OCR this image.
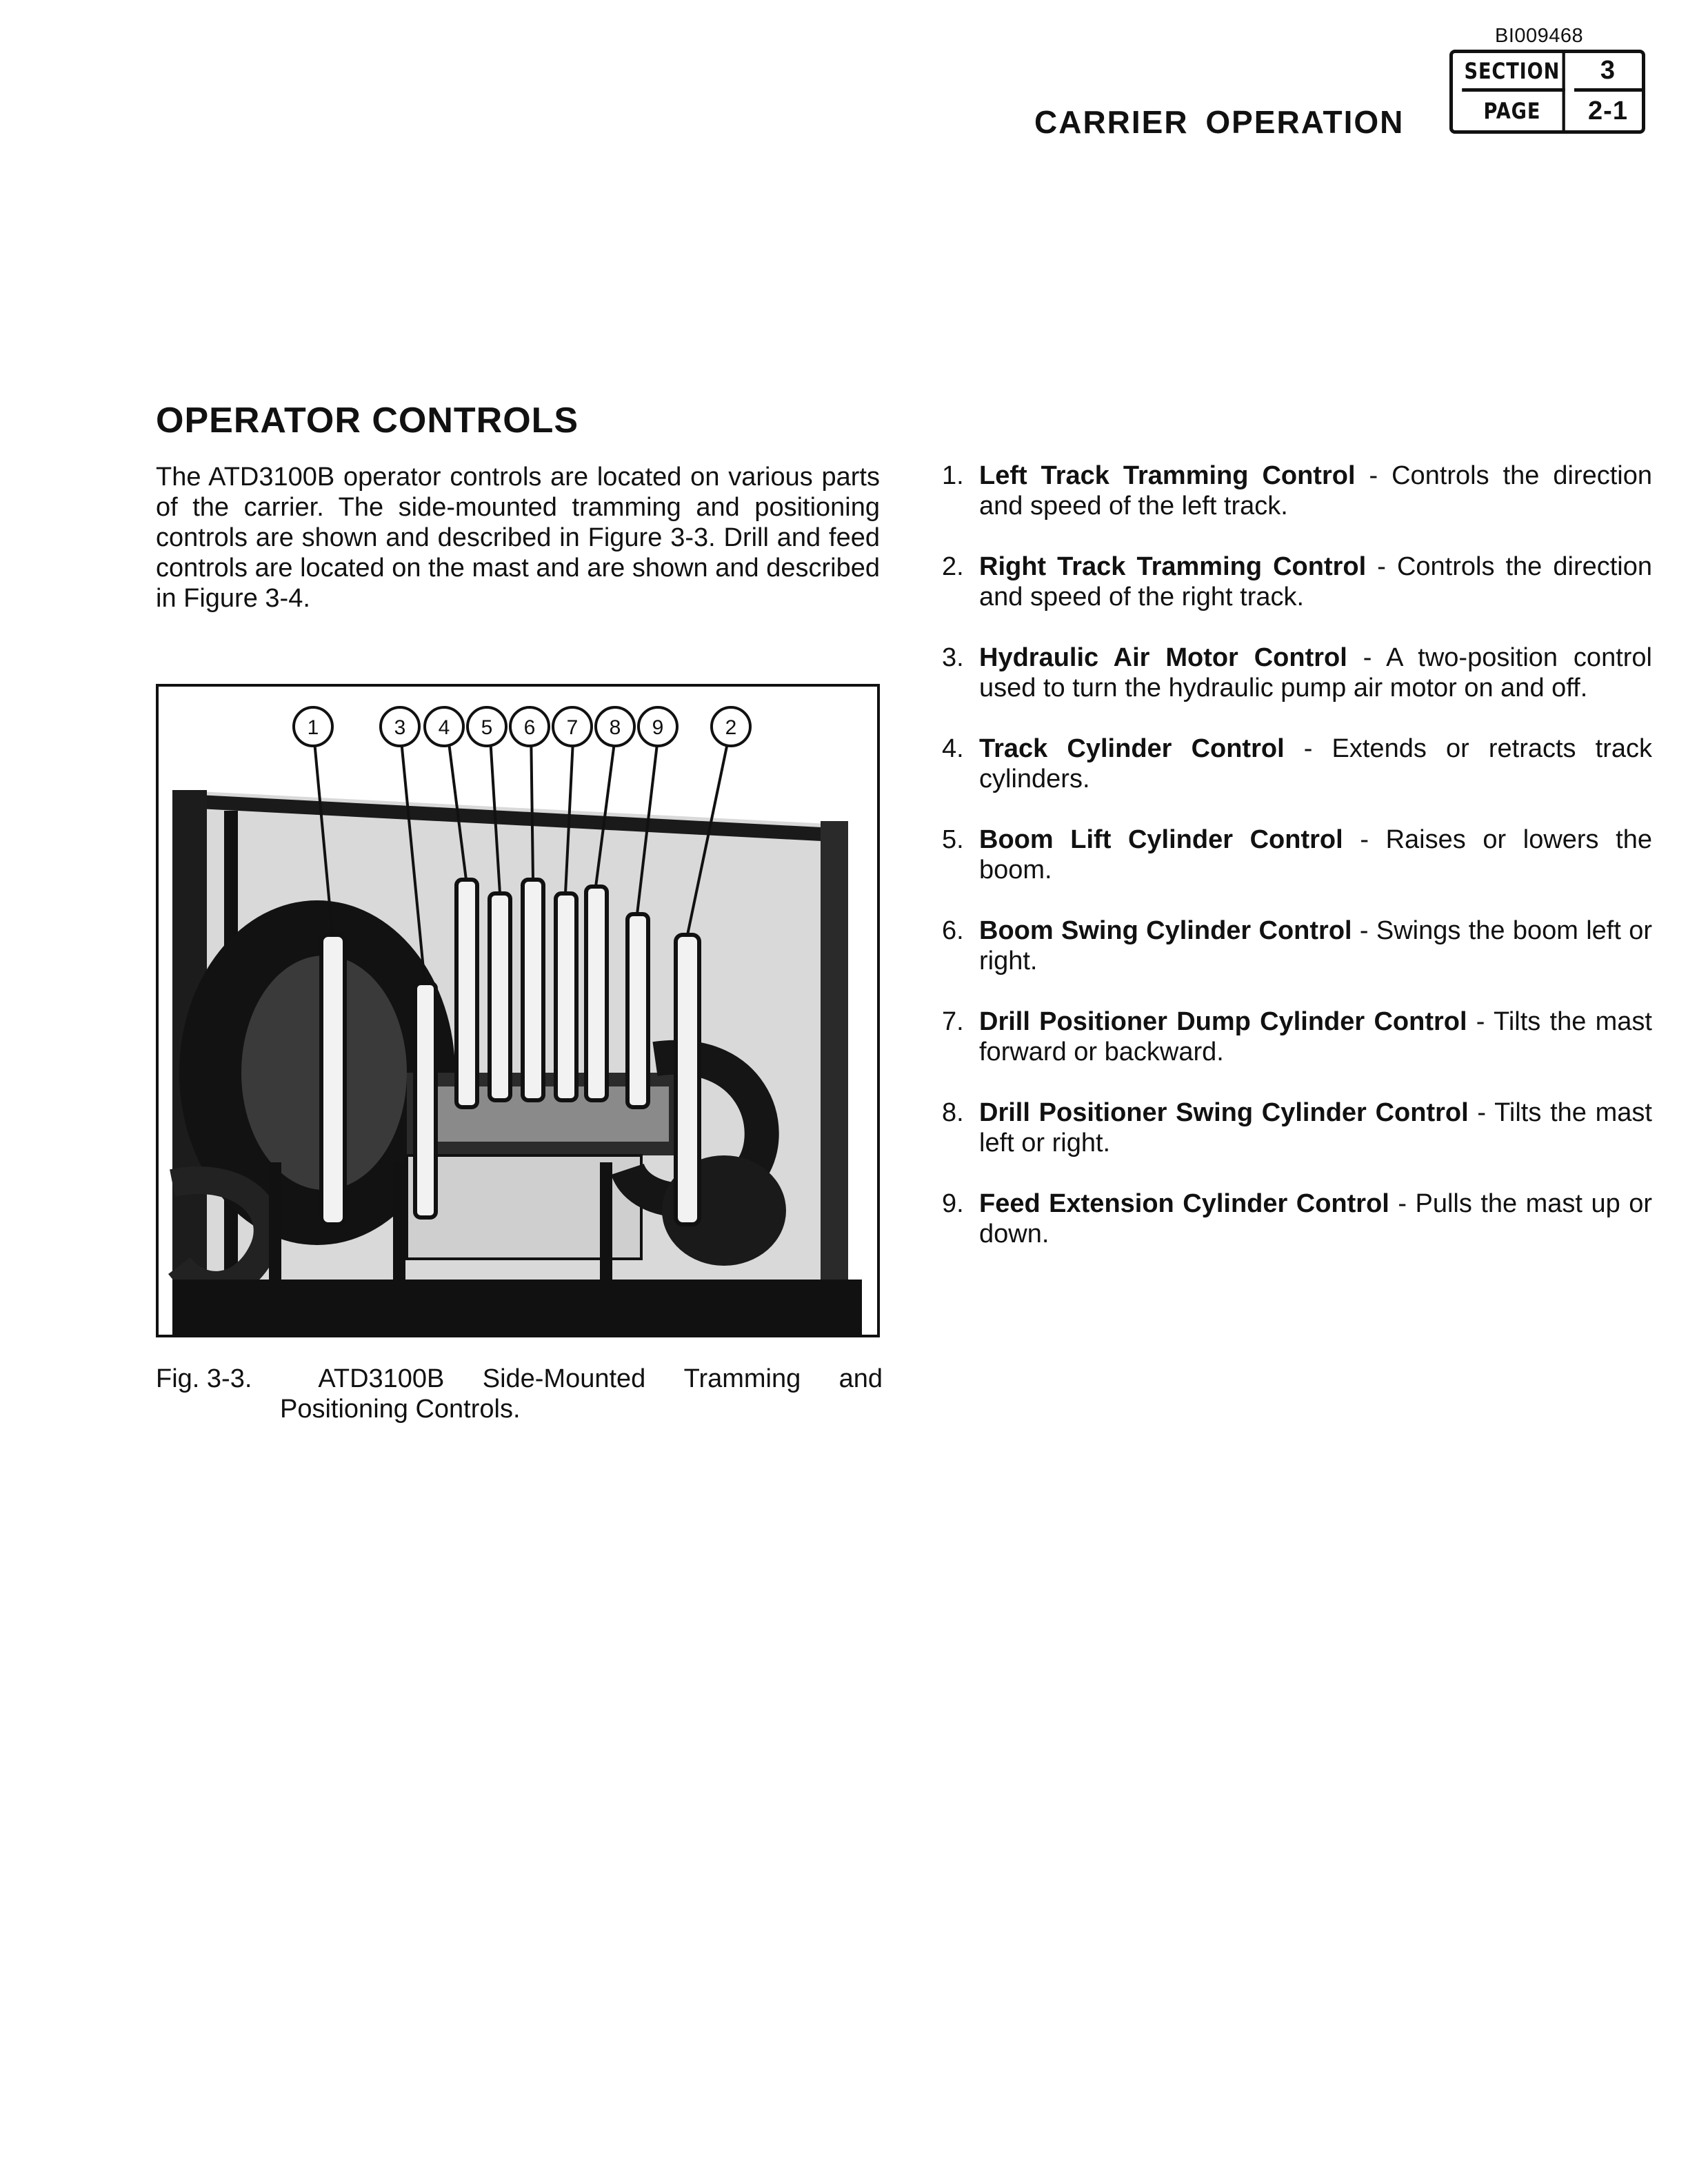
BI009468
CARRIER OPERATION
SECTION	3
PAGE	2-1
OPERATOR CONTROLS

The ATD3100B operator controls are located on various parts of the carrier. The side-mounted tramming and positioning controls are shown and described in Figure 3-3. Drill and feed controls are located on the mast and are shown and described in Figure 3-4.

1	3 4 5 6 7 8 9	2
Fig. 3-3.	ATD3100B Side-Mounted Tramming and
Positioning Controls.
1. Left Track Tramming Control - Controls the direction and speed of the left track.
2. Right Track Tramming Control - Controls the direction and speed of the right track.
3. Hydraulic Air Motor Control - A two-position control used to turn the hydraulic pump air motor on and off.
4. Track Cylinder Control - Extends or retracts track cylinders.
5. Boom Lift Cylinder Control - Raises or lowers the boom.
6. Boom Swing Cylinder Control - Swings the boom left or right.
7. Drill Positioner Dump Cylinder Control - Tilts the mast forward or backward.
8. Drill Positioner Swing Cylinder Control - Tilts the mast left or right.
9. Feed Extension Cylinder Control - Pulls the mast up or down.
